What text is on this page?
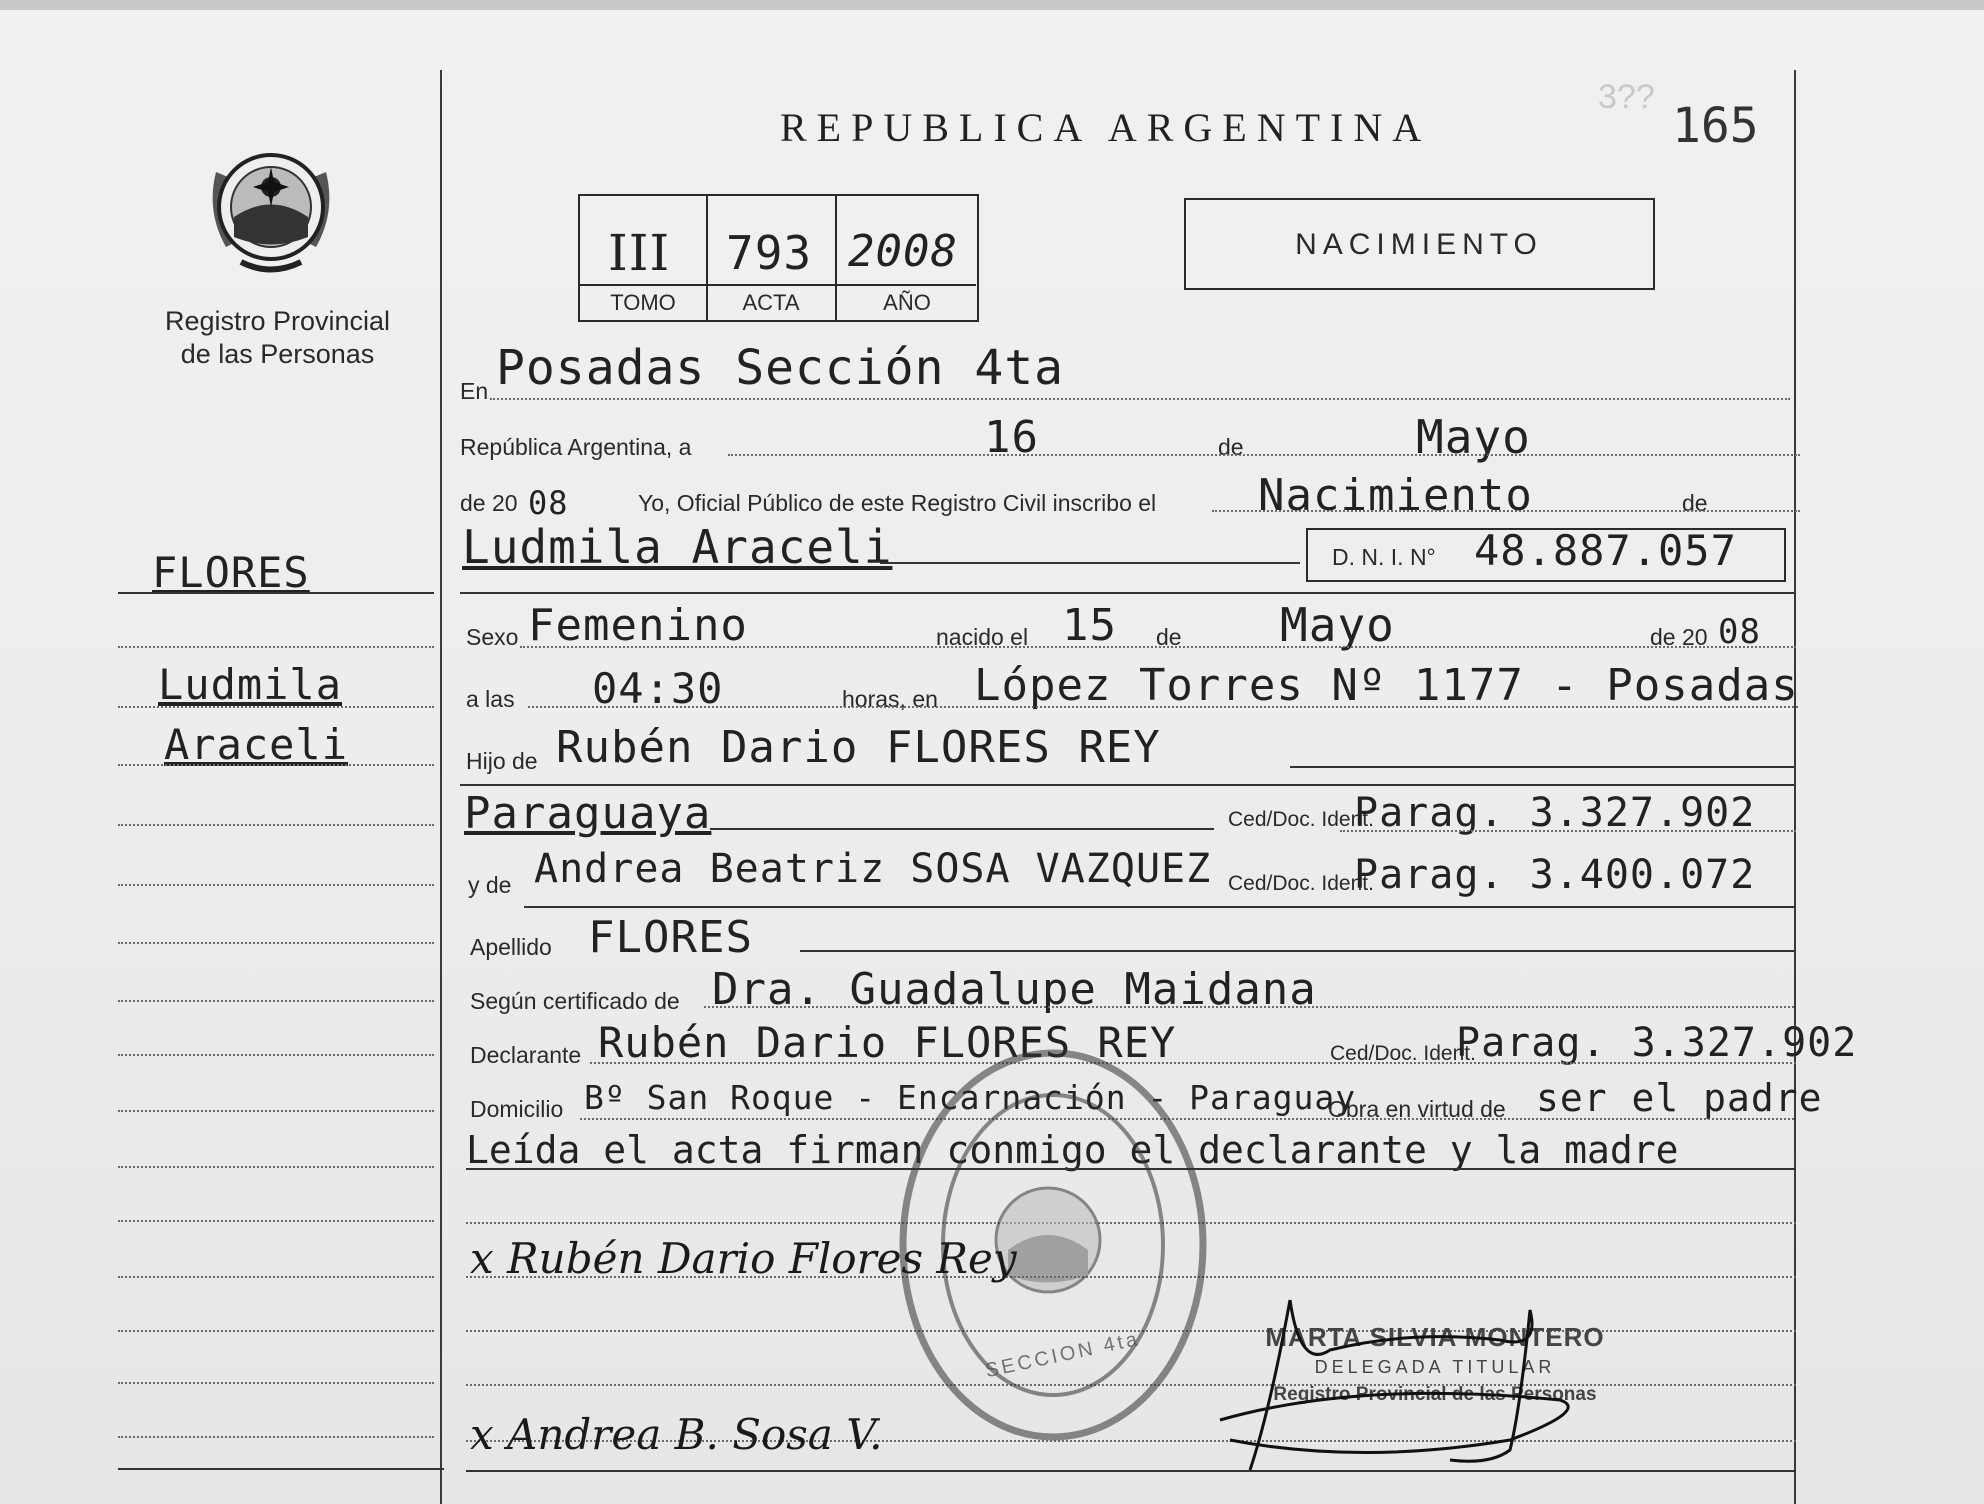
Registro Provincial
de las Personas
REPUBLICA ARGENTINA	165
3??
III 793 2008
TOMO	ACTA	AÑO
NACIMIENTO
FLORES
Ludmila
Araceli
En Posadas Sección 4ta
República Argentina, a	16	de	Mayo
de 20 08	Yo, Oficial Público de este Registro Civil inscribo el Nacimiento	de
Ludmila Araceli	D. N. I. N° 48.887.057
Sexo Femenino	nacido el 15 de Mayo	de 20 08
a las 04:30	horas, en López Torres Nº 1177 - Posadas
Hijo de Rubén Dario FLORES REY
Paraguaya	Ced/Doc. Ident.
Parag. 3.327.902
y de Andrea Beatriz SOSA VAZQUEZ Ced/Doc. Ident.
Parag. 3.400.072
Apellido FLORES
Según certificado de Dra. Guadalupe Maidana
Declarante Rubén Dario FLORES REY	Ced/Doc. Ident.
Parag. 3.327.902
Domicilio Bº San Roque - Encarnación - Paraguay
Obra en virtud de ser el padre
Leída el acta firman conmigo el declarante y la madre
SECCION 4ta
x Rubén Dario Flores Rey
x Andrea B. Sosa V.
MARTA SILVIA MONTERO
DELEGADA TITULAR
Registro Provincial de las Personas
